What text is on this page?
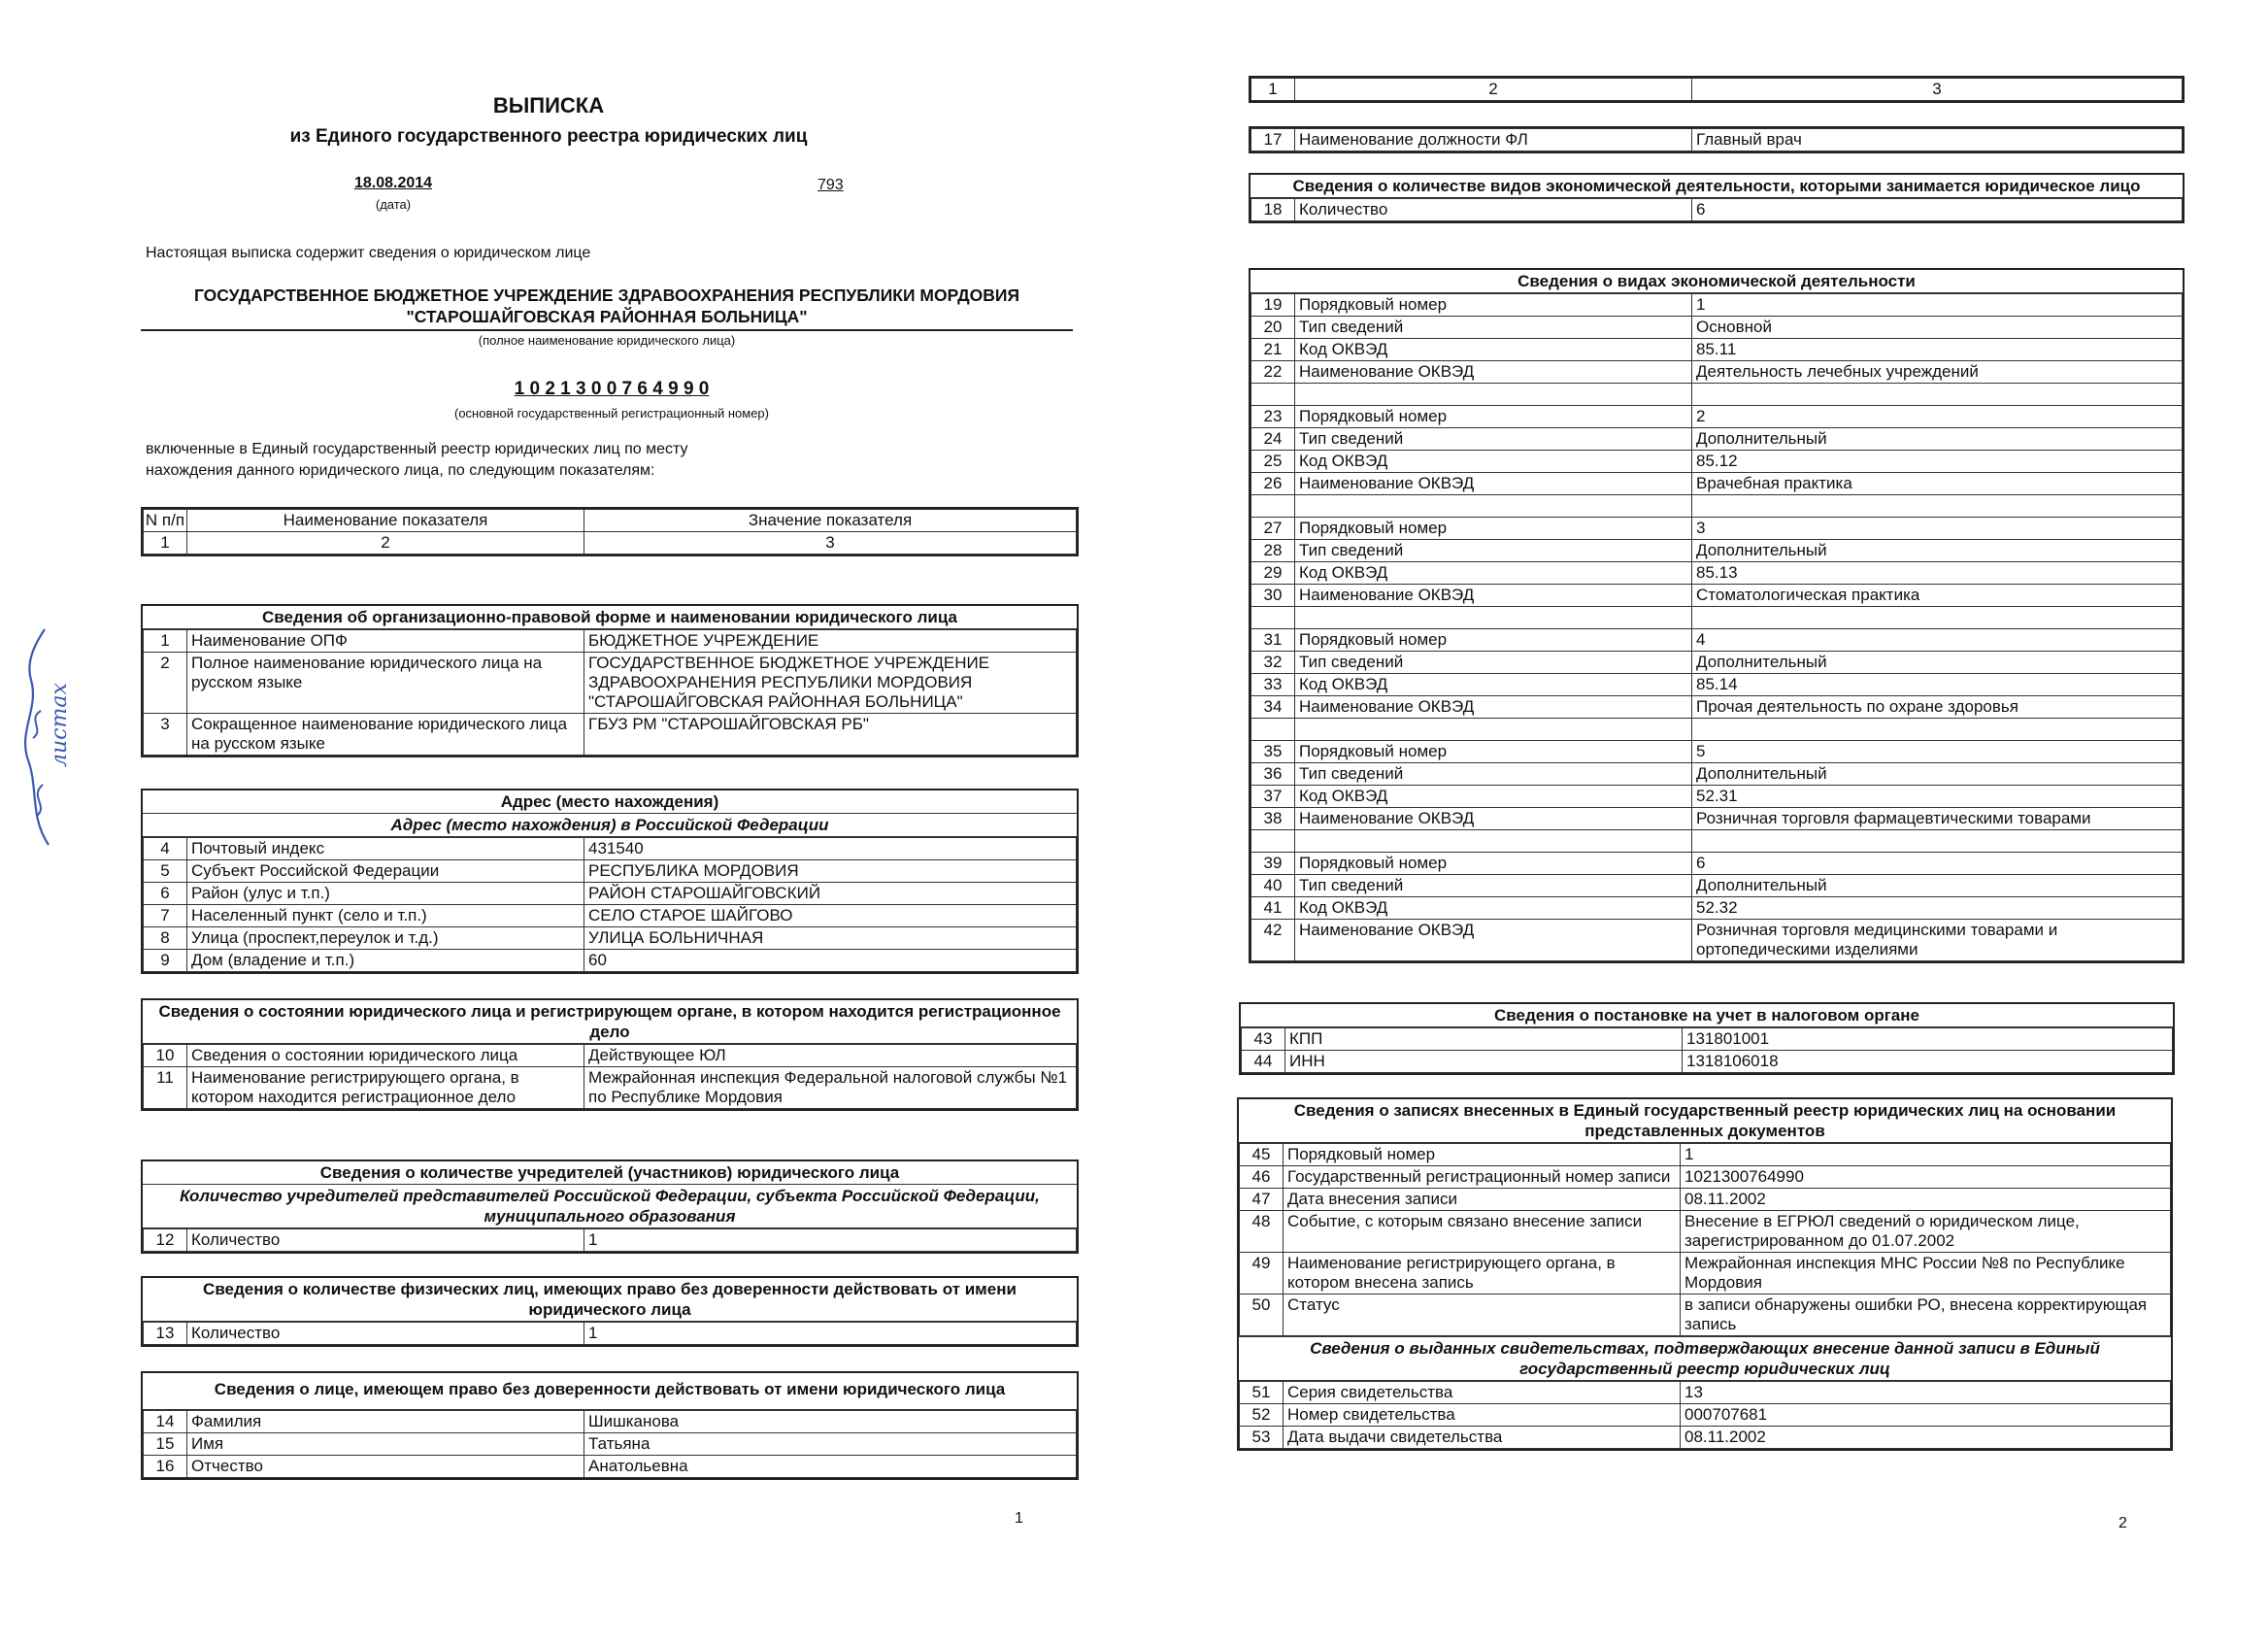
ВЫПИСКА
из Единого государственного реестра юридических лиц
18.08.2014
(дата)
793
Настоящая выписка содержит сведения о юридическом лице
ГОСУДАРСТВЕННОЕ БЮДЖЕТНОЕ УЧРЕЖДЕНИЕ ЗДРАВООХРАНЕНИЯ РЕСПУБЛИКИ МОРДОВИЯ
"СТАРОШАЙГОВСКАЯ РАЙОННАЯ БОЛЬНИЦА"
(полное наименование юридического лица)
1 0 2 1 3 0 0 7 6 4 9 9 0
(основной государственный регистрационный номер)
включенные в Единый государственный реестр юридических лиц по месту
нахождения данного юридического лица, по следующим показателям:
N п/п	Наименование показателя	Значение показателя
1	2	3
Сведения об организационно-правовой форме и наименовании юридического лица
1	Наименование ОПФ	БЮДЖЕТНОЕ УЧРЕЖДЕНИЕ
2	Полное наименование юридического лица на русском языке	ГОСУДАРСТВЕННОЕ БЮДЖЕТНОЕ УЧРЕЖДЕНИЕ ЗДРАВООХРАНЕНИЯ РЕСПУБЛИКИ МОРДОВИЯ "СТАРОШАЙГОВСКАЯ РАЙОННАЯ БОЛЬНИЦА"
3	Сокращенное наименование юридического лица на русском языке	ГБУЗ РМ "СТАРОШАЙГОВСКАЯ РБ"
Адрес (место нахождения)
Адрес (место нахождения) в Российской Федерации
4	Почтовый индекс	431540
5	Субъект Российской Федерации	РЕСПУБЛИКА МОРДОВИЯ
6	Район (улус и т.п.)	РАЙОН СТАРОШАЙГОВСКИЙ
7	Населенный пункт (село и т.п.)	СЕЛО СТАРОЕ ШАЙГОВО
8	Улица (проспект,переулок и т.д.)	УЛИЦА БОЛЬНИЧНАЯ
9	Дом (владение и т.п.)	60
Сведения о состоянии юридического лица и регистрирующем органе, в котором находится регистрационное дело
10	Сведения о состоянии юридического лица	Действующее ЮЛ
11	Наименование регистрирующего органа, в котором находится регистрационное дело	Межрайонная инспекция Федеральной налоговой службы №1 по Республике Мордовия
Сведения о количестве учредителей (участников) юридического лица
Количество учредителей представителей Российской Федерации, субъекта Российской Федерации, муниципального образования
12	Количество	1
Сведения о количестве физических лиц, имеющих право без доверенности действовать от имени юридического лица
13	Количество	1
Сведения о лице, имеющем право без доверенности действовать от имени юридического лица
14	Фамилия	Шишканова
15	Имя	Татьяна
16	Отчество	Анатольевна
1
листах
1	2	3
17	Наименование должности ФЛ	Главный врач
Сведения о количестве видов экономической деятельности, которыми занимается юридическое лицо
18	Количество	6
Сведения о видах экономической деятельности
19	Порядковый номер	1
20	Тип сведений	Основной
21	Код ОКВЭД	85.11
22	Наименование ОКВЭД	Деятельность лечебных учреждений

23	Порядковый номер	2
24	Тип сведений	Дополнительный
25	Код ОКВЭД	85.12
26	Наименование ОКВЭД	Врачебная практика

27	Порядковый номер	3
28	Тип сведений	Дополнительный
29	Код ОКВЭД	85.13
30	Наименование ОКВЭД	Стоматологическая практика

31	Порядковый номер	4
32	Тип сведений	Дополнительный
33	Код ОКВЭД	85.14
34	Наименование ОКВЭД	Прочая деятельность по охране здоровья

35	Порядковый номер	5
36	Тип сведений	Дополнительный
37	Код ОКВЭД	52.31
38	Наименование ОКВЭД	Розничная торговля фармацевтическими товарами

39	Порядковый номер	6
40	Тип сведений	Дополнительный
41	Код ОКВЭД	52.32
42	Наименование ОКВЭД	Розничная торговля медицинскими товарами и ортопедическими изделиями
Сведения о постановке на учет в налоговом органе
43	КПП	131801001
44	ИНН	1318106018
Сведения о записях внесенных в Единый государственный реестр юридических лиц на основании представленных документов
45	Порядковый номер	1
46	Государственный регистрационный номер записи	1021300764990
47	Дата внесения записи	08.11.2002
48	Событие, с которым связано внесение записи	Внесение в ЕГРЮЛ сведений о юридическом лице, зарегистрированном до 01.07.2002
49	Наименование регистрирующего органа, в котором внесена запись	Межрайонная инспекция МНС России №8 по Республике Мордовия
50	Статус	в записи обнаружены ошибки РО, внесена корректирующая запись
Сведения о выданных свидетельствах, подтверждающих внесение данной записи в Единый государственный реестр юридических лиц
51	Серия свидетельства	13
52	Номер свидетельства	000707681
53	Дата выдачи свидетельства	08.11.2002
2
